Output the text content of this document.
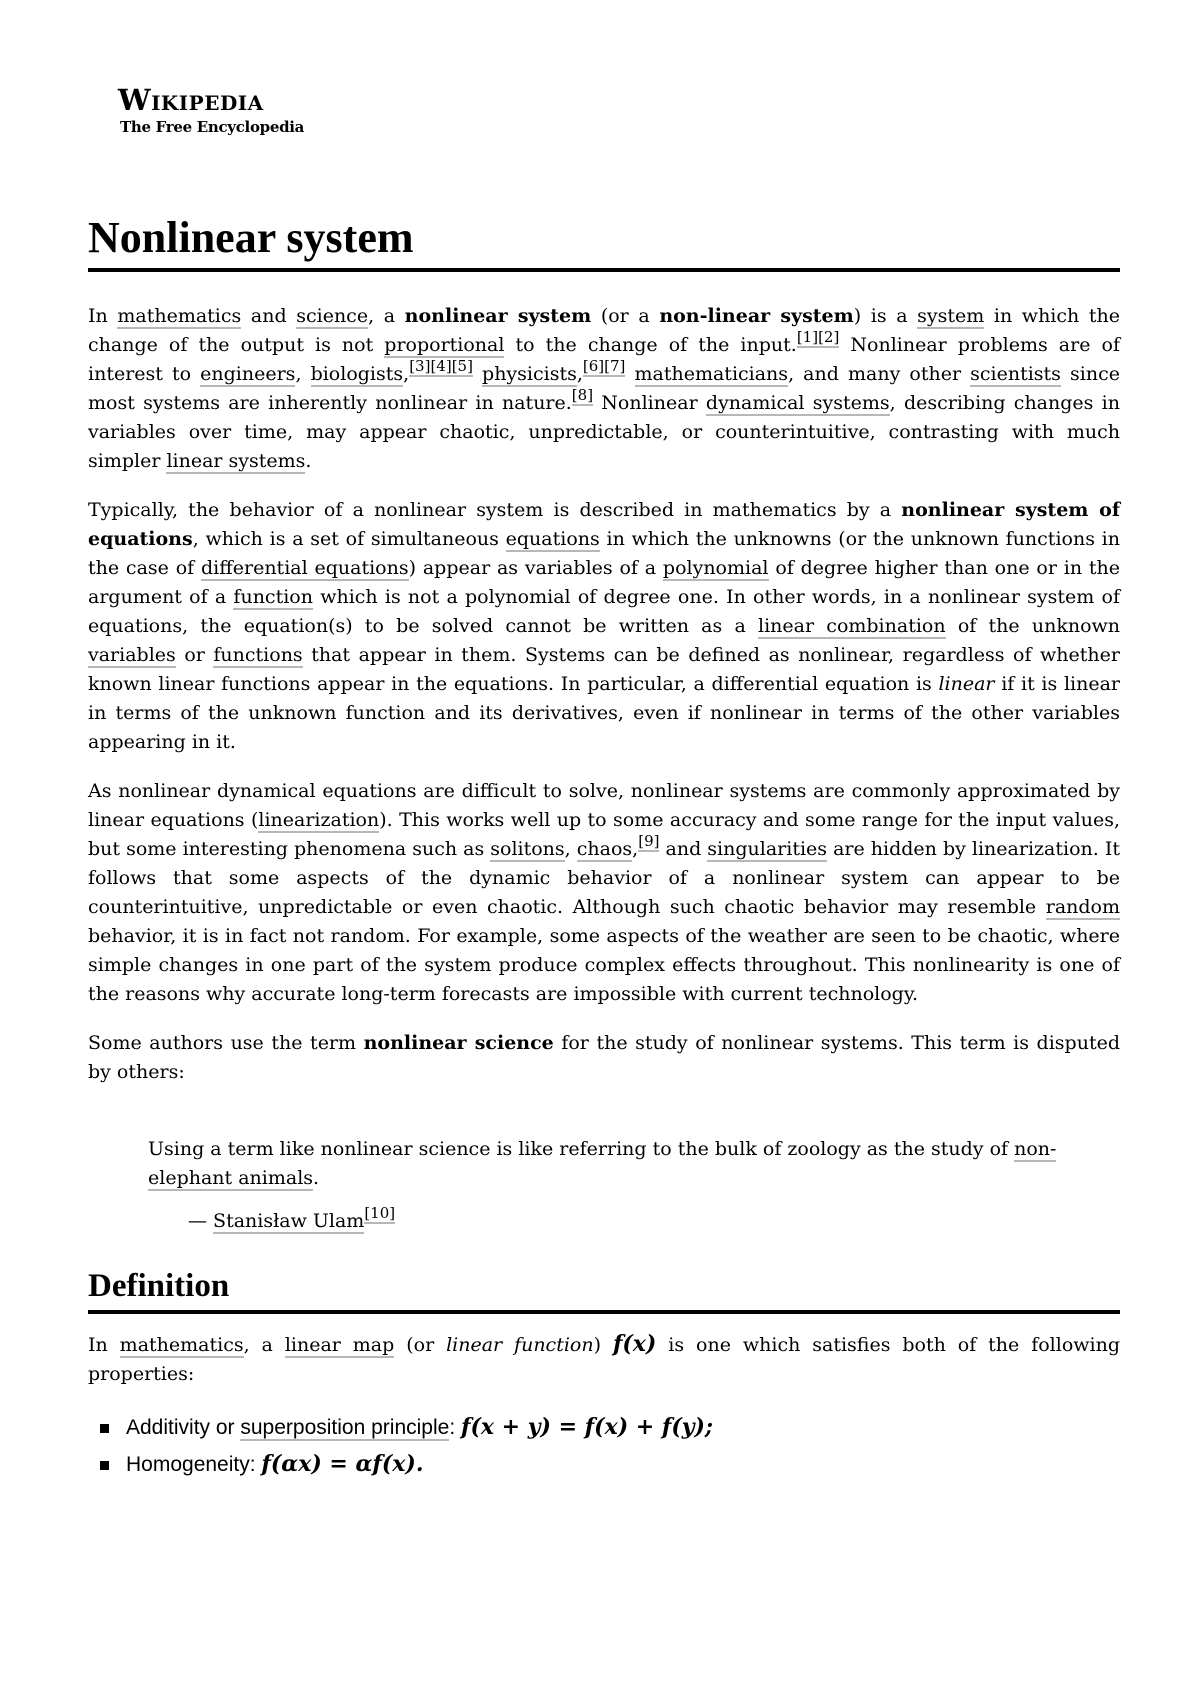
Wikipedia
The Free Encyclopedia
Nonlinear system

In mathematics and science, a nonlinear system (or a non-linear system) is a system in which the change of the output is not proportional to the change of the input.[1][2] Nonlinear problems are of interest to engineers, biologists,[3][4][5] physicists,[6][7] mathematicians, and many other scientists since most systems are inherently nonlinear in nature.[8] Nonlinear dynamical systems, describing changes in variables over time, may appear chaotic, unpredictable, or counterintuitive, contrasting with much simpler linear systems.

Typically, the behavior of a nonlinear system is described in mathematics by a nonlinear system of equations, which is a set of simultaneous equations in which the unknowns (or the unknown functions in the case of differential equations) appear as variables of a polynomial of degree higher than one or in the argument of a function which is not a polynomial of degree one. In other words, in a nonlinear system of equations, the equation(s) to be solved cannot be written as a linear combination of the unknown variables or functions that appear in them. Systems can be defined as nonlinear, regardless of whether known linear functions appear in the equations. In particular, a differential equation is linear if it is linear in terms of the unknown function and its derivatives, even if nonlinear in terms of the other variables appearing in it.

As nonlinear dynamical equations are difficult to solve, nonlinear systems are commonly approximated by linear equations (linearization). This works well up to some accuracy and some range for the input values, but some interesting phenomena such as solitons, chaos,[9] and singularities are hidden by linearization. It follows that some aspects of the dynamic behavior of a nonlinear system can appear to be counterintuitive, unpredictable or even chaotic. Although such chaotic behavior may resemble random behavior, it is in fact not random. For example, some aspects of the weather are seen to be chaotic, where simple changes in one part of the system produce complex effects throughout. This nonlinearity is one of the reasons why accurate long-term forecasts are impossible with current technology.

Some authors use the term nonlinear science for the study of nonlinear systems. This term is disputed by others:

Using a term like nonlinear science is like referring to the bulk of zoology as the study of non-elephant animals.

— Stanisław Ulam[10]
Definition

In mathematics, a linear map (or linear function) f(x) is one which satisfies both of the following properties:

Additivity or superposition principle: f(x + y) = f(x) + f(y);
Homogeneity: f(αx) = αf(x).
